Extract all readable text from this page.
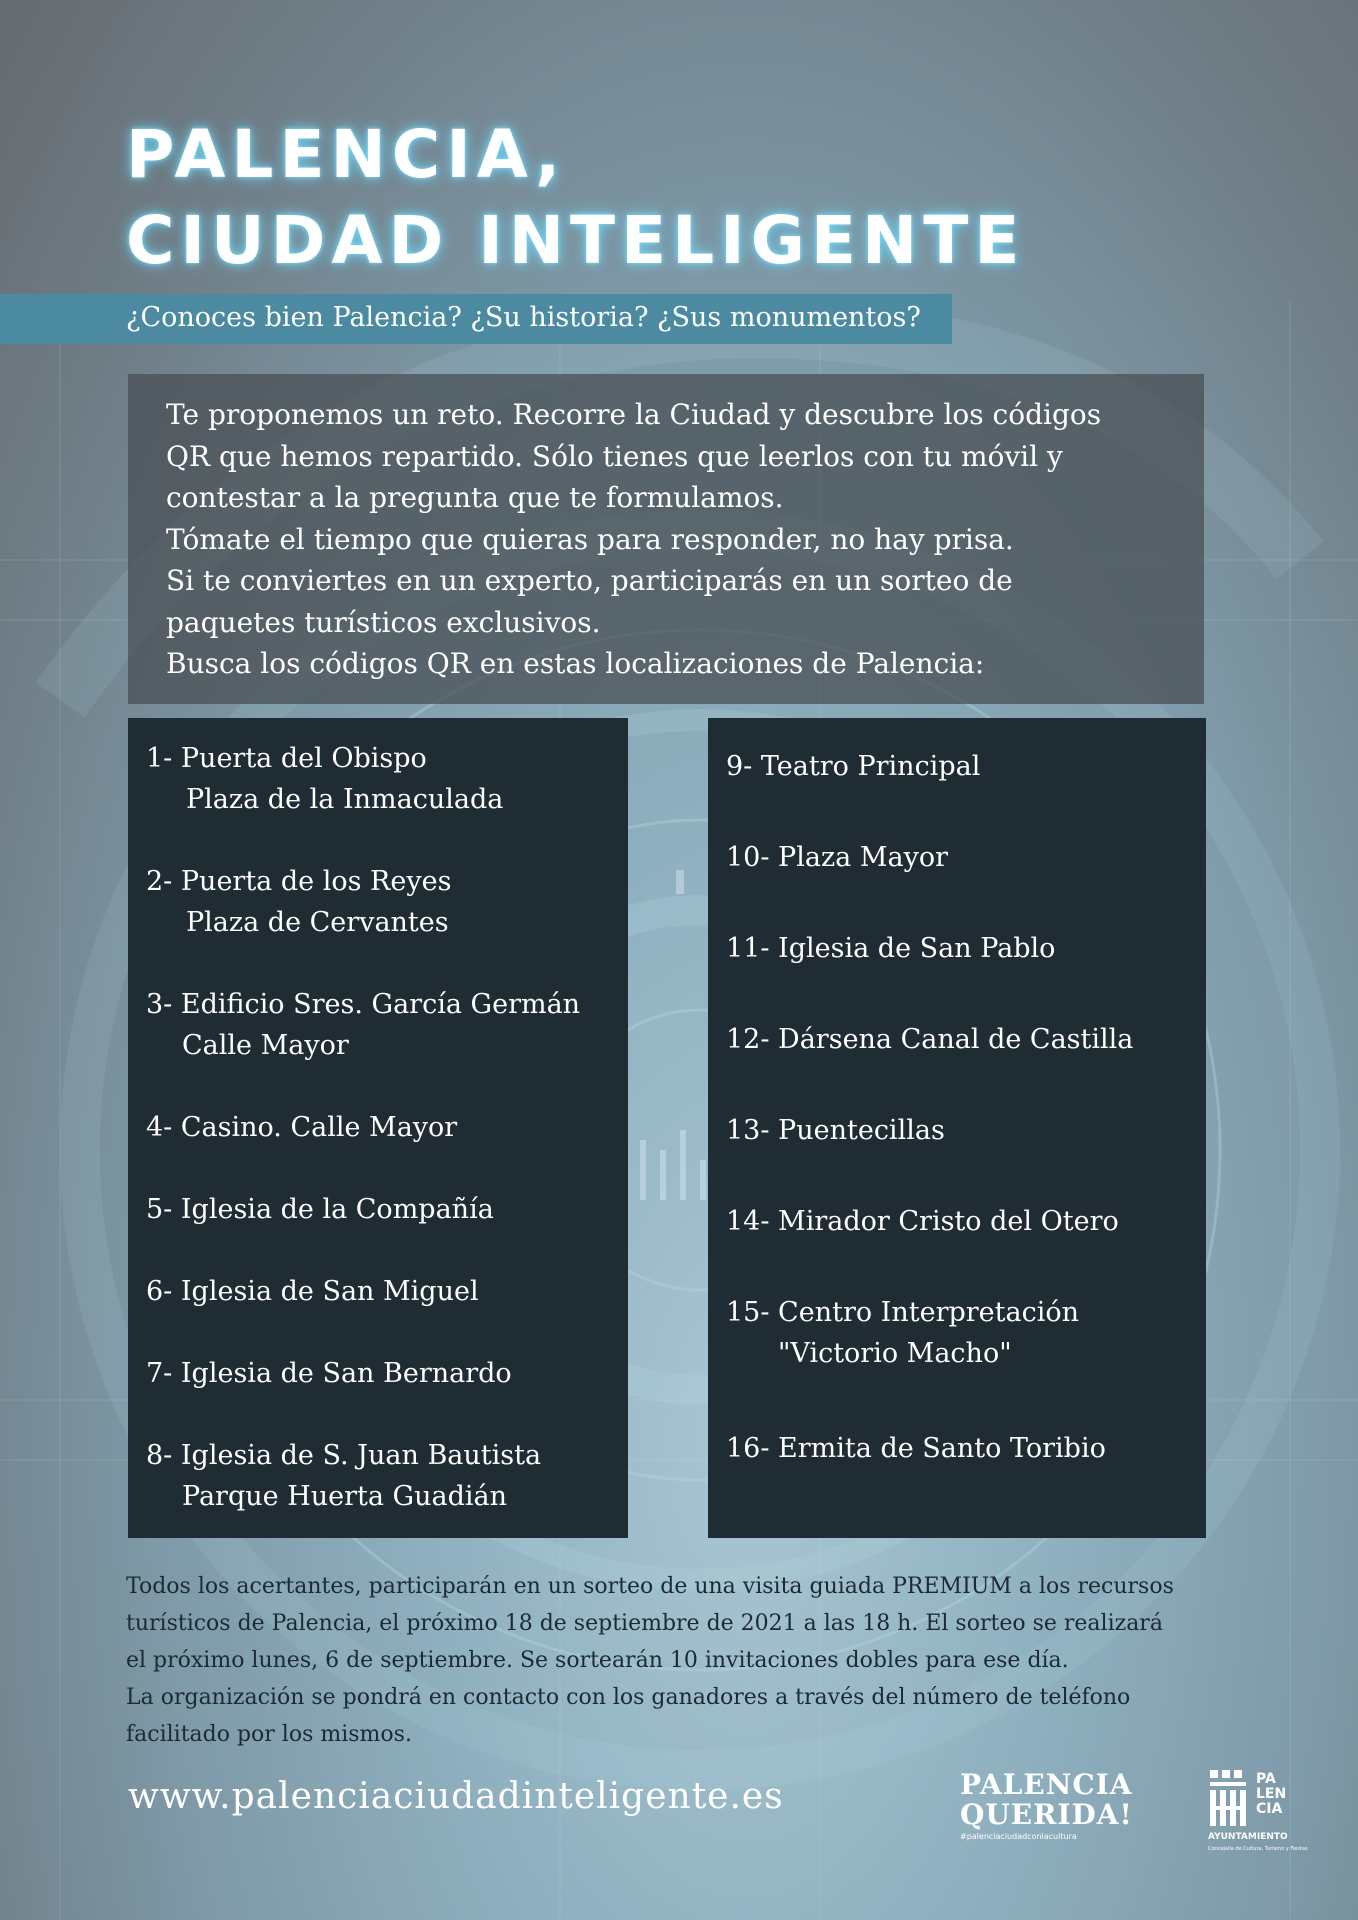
PALENCIA,
CIUDAD INTELIGENTE
¿Conoces bien Palencia? ¿Su historia? ¿Sus monumentos?

Te proponemos un reto. Recorre la Ciudad y descubre los códigos
QR que hemos repartido. Sólo tienes que leerlos con tu móvil y
contestar a la pregunta que te formulamos.
Tómate el tiempo que quieras para responder, no hay prisa.
Si te conviertes en un experto, participarás en un sorteo de
paquetes turísticos exclusivos.
Busca los códigos QR en estas localizaciones de Palencia:

1- Puerta del Obispo
Plaza de la Inmaculada
2- Puerta de los Reyes
Plaza de Cervantes
3- Edificio Sres. García Germán
Calle Mayor
4- Casino. Calle Mayor
5- Iglesia de la Compañía
6- Iglesia de San Miguel
7- Iglesia de San Bernardo
8- Iglesia de S. Juan Bautista
Parque Huerta Guadián
9- Teatro Principal
10- Plaza Mayor
11- Iglesia de San Pablo
12- Dársena Canal de Castilla
13- Puentecillas
14- Mirador Cristo del Otero
15- Centro Interpretación
"Victorio Macho"
16- Ermita de Santo Toribio
Todos los acertantes, participarán en un sorteo de una visita guiada PREMIUM a los recursos
turísticos de Palencia, el próximo 18 de septiembre de 2021 a las 18 h. El sorteo se realizará
el próximo lunes, 6 de septiembre. Se sortearán 10 invitaciones dobles para ese día.
La organización se pondrá en contacto con los ganadores a través del número de teléfono
facilitado por los mismos.
www.palenciaciudadinteligente.es	PALENCIA
QUERIDA!
#palenciaciudadconlacultura
PA
LEN
CIA
AYUNTAMIENTO
Concejalía de Cultura, Turismo y Fiestas
